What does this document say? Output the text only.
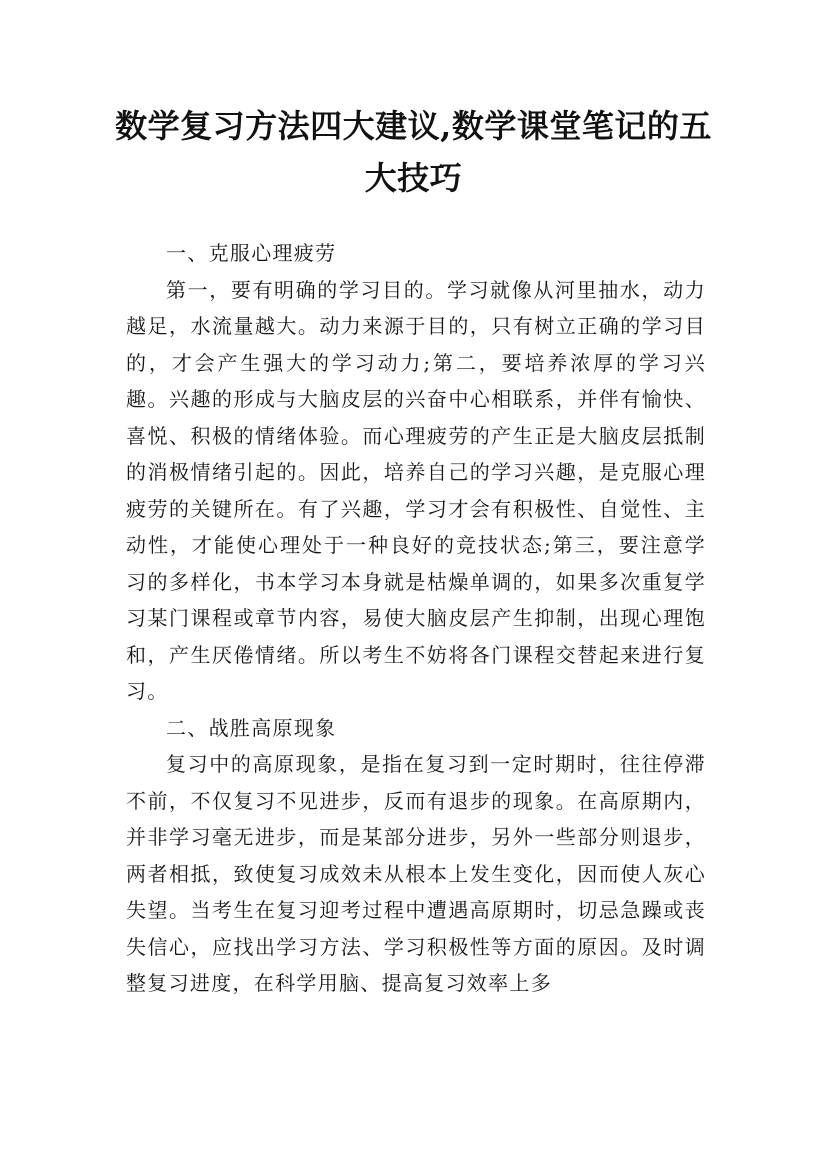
数学复习方法四大建议,数学课堂笔记的五大技巧

一、克服心理疲劳

第一，要有明确的学习目的。学习就像从河里抽水，动力越足，水流量越大。动力来源于目的，只有树立正确的学习目的，才会产生强大的学习动力;第二，要培养浓厚的学习兴趣。兴趣的形成与大脑皮层的兴奋中心相联系，并伴有愉快、喜悦、积极的情绪体验。而心理疲劳的产生正是大脑皮层抵制的消极情绪引起的。因此，培养自己的学习兴趣，是克服心理疲劳的关键所在。有了兴趣，学习才会有积极性、自觉性、主动性，才能使心理处于一种良好的竞技状态;第三，要注意学习的多样化，书本学习本身就是枯燥单调的，如果多次重复学习某门课程或章节内容，易使大脑皮层产生抑制，出现心理饱和，产生厌倦情绪。所以考生不妨将各门课程交替起来进行复习。

二、战胜高原现象

复习中的高原现象，是指在复习到一定时期时，往往停滞不前，不仅复习不见进步，反而有退步的现象。在高原期内，并非学习毫无进步，而是某部分进步，另外一些部分则退步，两者相抵，致使复习成效未从根本上发生变化，因而使人灰心失望。当考生在复习迎考过程中遭遇高原期时，切忌急躁或丧失信心，应找出学习方法、学习积极性等方面的原因。及时调整复习进度，在科学用脑、提高复习效率上多
